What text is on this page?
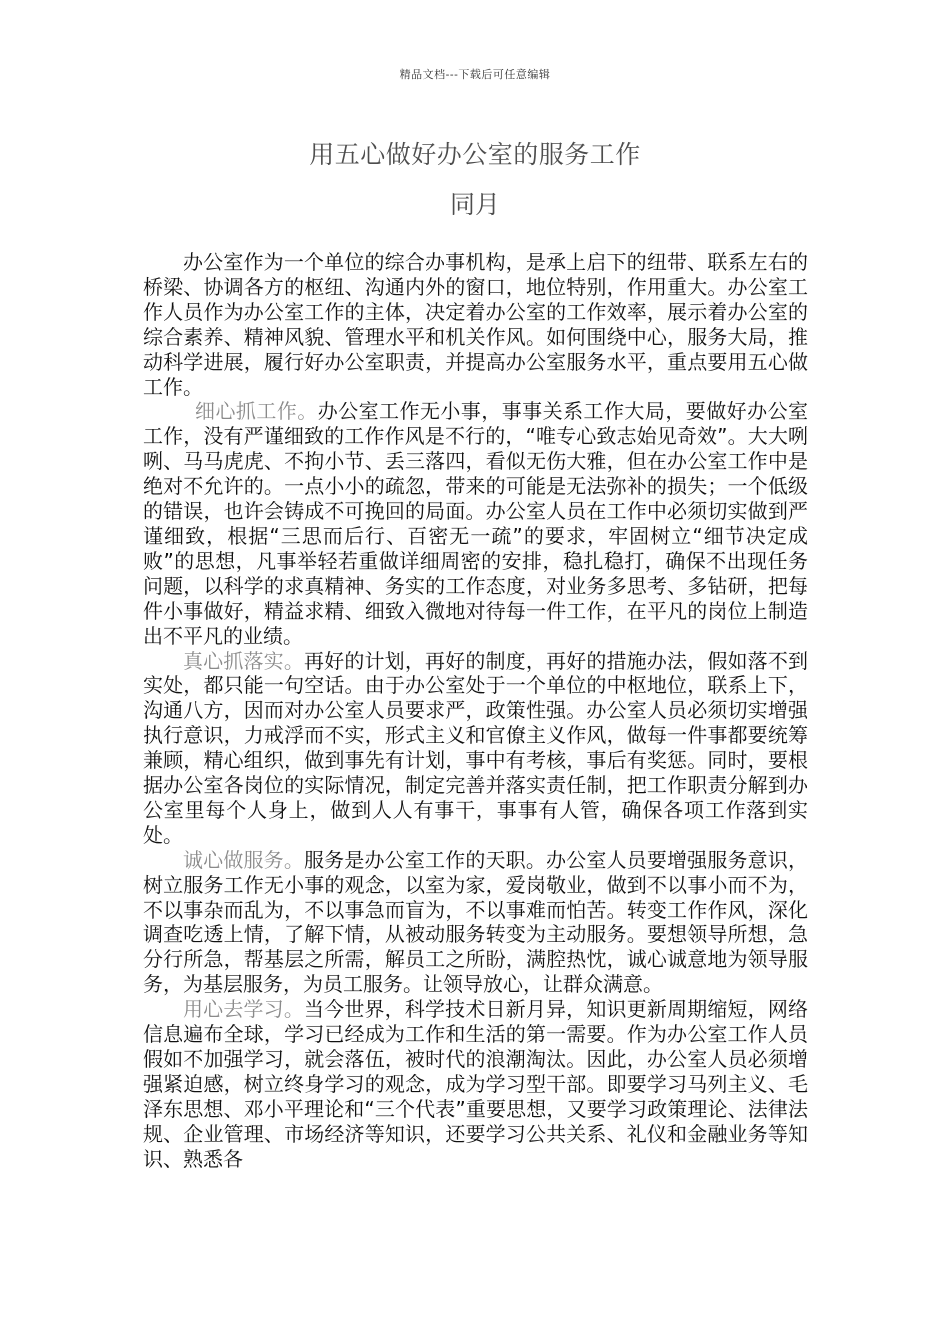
精品文档---下载后可任意编辑
用五心做好办公室的服务工作
同月

办公室作为一个单位的综合办事机构，是承上启下的纽带、联系左右的桥梁、协调各方的枢纽、沟通内外的窗口，地位特别，作用重大。办公室工作人员作为办公室工作的主体，决定着办公室的工作效率，展示着办公室的综合素养、精神风貌、管理水平和机关作风。如何围绕中心，服务大局，推动科学进展，履行好办公室职责，并提高办公室服务水平，重点要用五心做工作。

细心抓工作。办公室工作无小事，事事关系工作大局，要做好办公室工作，没有严谨细致的工作作风是不行的，“唯专心致志始见奇效”。大大咧咧、马马虎虎、不拘小节、丢三落四，看似无伤大雅，但在办公室工作中是绝对不允许的。一点小小的疏忽，带来的可能是无法弥补的损失；一个低级的错误，也许会铸成不可挽回的局面。办公室人员在工作中必须切实做到严谨细致，根据“三思而后行、百密无一疏”的要求，牢固树立“细节决定成败”的思想，凡事举轻若重做详细周密的安排，稳扎稳打，确保不出现任务问题，以科学的求真精神、务实的工作态度，对业务多思考、多钻研，把每件小事做好，精益求精、细致入微地对待每一件工作，在平凡的岗位上制造出不平凡的业绩。

真心抓落实。再好的计划，再好的制度，再好的措施办法，假如落不到实处，都只能一句空话。由于办公室处于一个单位的中枢地位，联系上下，沟通八方，因而对办公室人员要求严，政策性强。办公室人员必须切实增强执行意识，力戒浮而不实，形式主义和官僚主义作风，做每一件事都要统筹兼顾，精心组织，做到事先有计划，事中有考核，事后有奖惩。同时，要根据办公室各岗位的实际情况，制定完善并落实责任制，把工作职责分解到办公室里每个人身上，做到人人有事干，事事有人管，确保各项工作落到实处。

诚心做服务。服务是办公室工作的天职。办公室人员要增强服务意识，树立服务工作无小事的观念，以室为家，爱岗敬业，做到不以事小而不为，不以事杂而乱为，不以事急而盲为，不以事难而怕苦。转变工作作风，深化调查吃透上情，了解下情，从被动服务转变为主动服务。要想领导所想，急分行所急，帮基层之所需，解员工之所盼，满腔热忱，诚心诚意地为领导服务，为基层服务，为员工服务。让领导放心，让群众满意。

用心去学习。当今世界，科学技术日新月异，知识更新周期缩短，网络信息遍布全球，学习已经成为工作和生活的第一需要。作为办公室工作人员假如不加强学习，就会落伍，被时代的浪潮淘汰。因此，办公室人员必须增强紧迫感，树立终身学习的观念，成为学习型干部。即要学习马列主义、毛泽东思想、邓小平理论和“三个代表”重要思想，又要学习政策理论、法律法规、企业管理、市场经济等知识，还要学习公共关系、礼仪和金融业务等知识、熟悉各
